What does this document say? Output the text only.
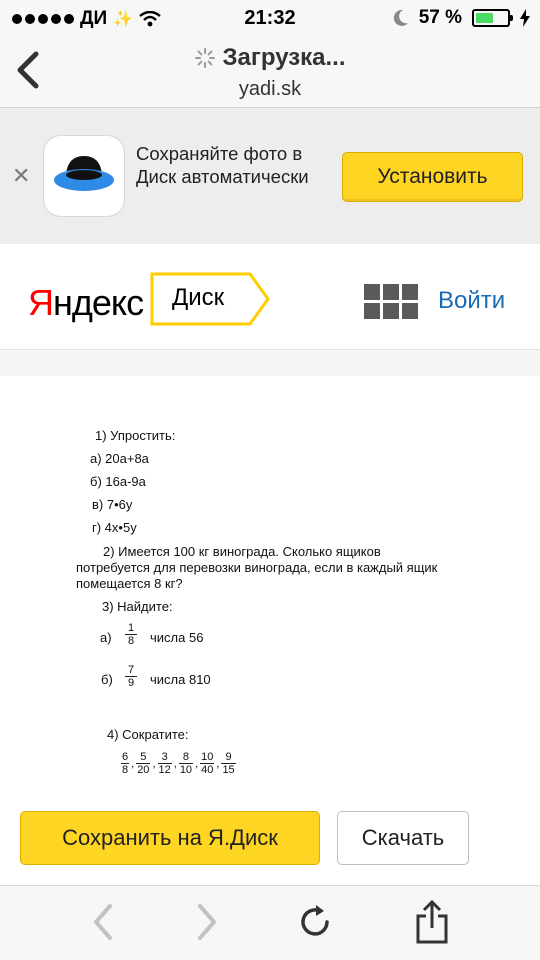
ДИ ✨	21:32	57 %
Загрузка...
yadi.sk
✕
Сохраняйте фото в Диск автоматически	Установить
Яндекс Диск	Войти
1) Упростить:
а) 20а+8а
б) 16а-9а
в) 7•6у
г) 4х•5у
2) Имеется 100 кг винограда. Сколько ящиков
потребуется для перевозки винограда, если в каждый ящик
помещается 8 кг?
3) Найдите:
$а) \frac{1}{8}$ числа 56
$б) \frac{7}{9}$ числа 810
4) Сократите:
$\frac{6}{8}$ , $\frac{5}{20}$ , $\frac{3}{12}$ , $\frac{8}{10}$ , $\frac{10}{40}$ , $\frac{9}{15}$
Сохранить на Я.Диск	Скачать
